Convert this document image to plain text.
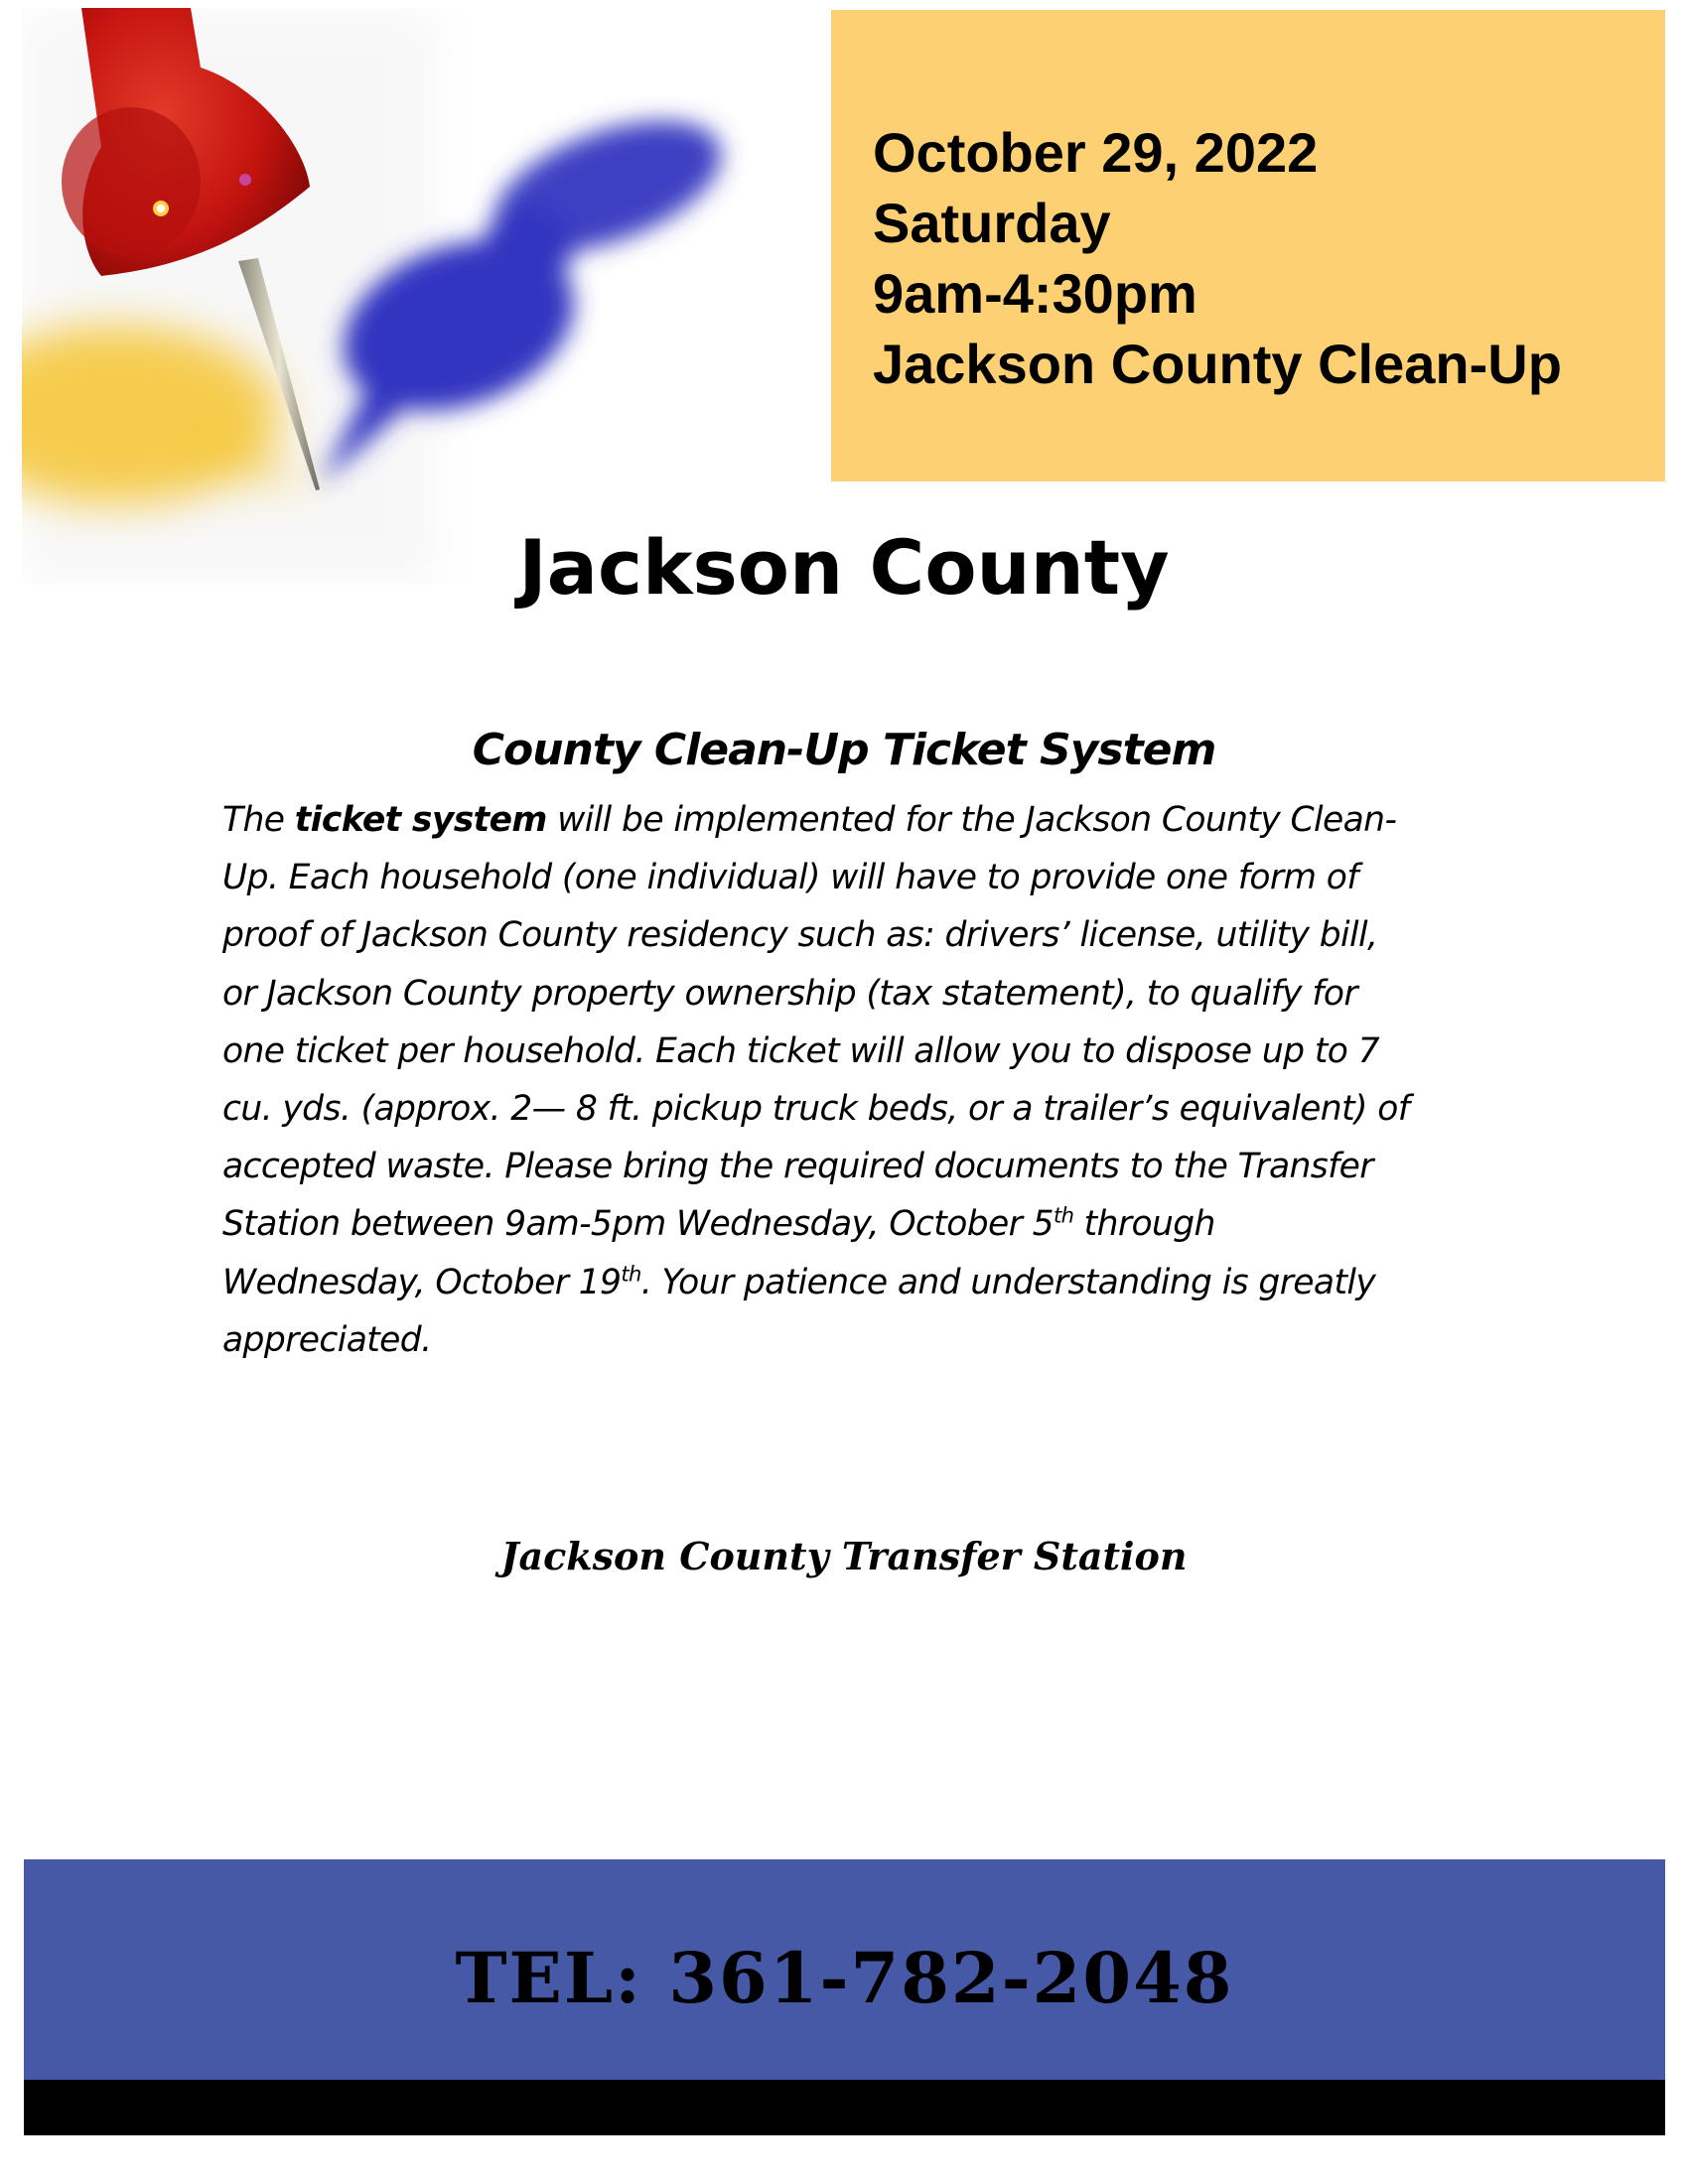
October 29, 2022

Saturday

9am-4:30pm

Jackson County Clean-Up

Jackson County
County Clean-Up Ticket System
The ticket system will be implemented for the Jackson County Clean-
Up. Each household (one individual) will have to provide one form of
proof of Jackson County residency such as: drivers’ license, utility bill,
or Jackson County property ownership (tax statement), to qualify for
one ticket per household. Each ticket will allow you to dispose up to 7
cu. yds. (approx. 2— 8 ft. pickup truck beds, or a trailer’s equivalent) of
accepted waste. Please bring the required documents to the Transfer
Station between 9am-5pm Wednesday, October 5th through
Wednesday, October 19th. Your patience and understanding is greatly
appreciated.

Jackson County Transfer Station

TEL: 361-782-2048
